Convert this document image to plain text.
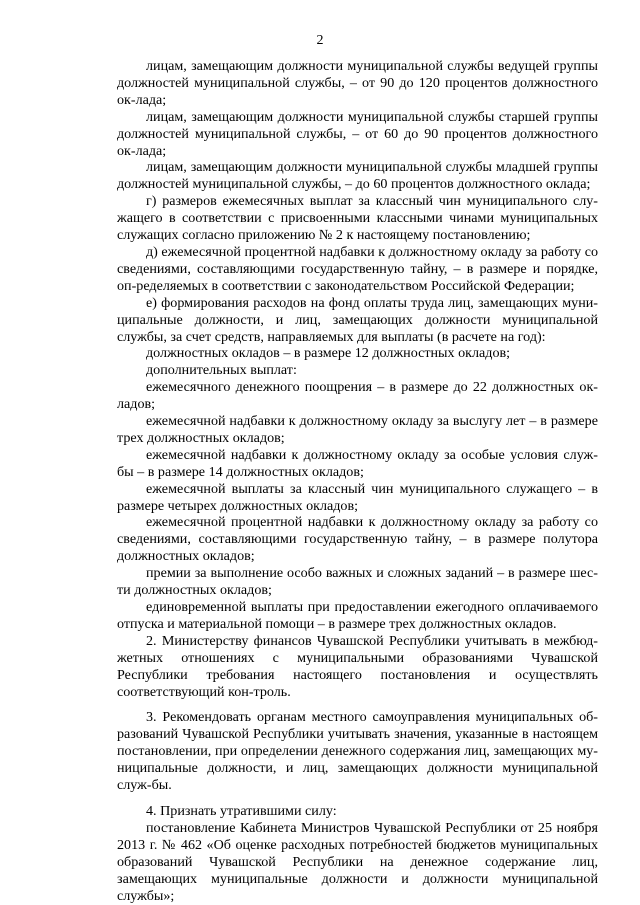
2

лицам, замещающим должности муниципальной службы ведущей группы должностей муниципальной службы, – от 90 до 120 процентов должностного ок-лада;

лицам, замещающим должности муниципальной службы старшей группы должностей муниципальной службы, – от 60 до 90 процентов должностного ок-лада;

лицам, замещающим должности муниципальной службы младшей группы должностей муниципальной службы, – до 60 процентов должностного оклада;

г) размеров ежемесячных выплат за классный чин муниципального слу-жащего в соответствии с присвоенными классными чинами муниципальных служащих согласно приложению № 2 к настоящему постановлению;

д) ежемесячной процентной надбавки к должностному окладу за работу со сведениями, составляющими государственную тайну, – в размере и порядке, оп-ределяемых в соответствии с законодательством Российской Федерации;

е) формирования расходов на фонд оплаты труда лиц, замещающих муни-ципальные должности, и лиц, замещающих должности муниципальной службы, за счет средств, направляемых для выплаты (в расчете на год):

должностных окладов – в размере 12 должностных окладов;

дополнительных выплат:

ежемесячного денежного поощрения – в размере до 22 должностных ок-ладов;

ежемесячной надбавки к должностному окладу за выслугу лет – в размере трех должностных окладов;

ежемесячной надбавки к должностному окладу за особые условия служ-бы – в размере 14 должностных окладов;

ежемесячной выплаты за классный чин муниципального служащего – в размере четырех должностных окладов;

ежемесячной процентной надбавки к должностному окладу за работу со сведениями, составляющими государственную тайну, – в размере полутора должностных окладов;

премии за выполнение особо важных и сложных заданий – в размере шес-ти должностных окладов;

единовременной выплаты при предоставлении ежегодного оплачиваемого отпуска и материальной помощи – в размере трех должностных окладов.

2. Министерству финансов Чувашской Республики учитывать в межбюд-жетных отношениях с муниципальными образованиями Чувашской Республики требования настоящего постановления и осуществлять соответствующий кон-троль.

3. Рекомендовать органам местного самоуправления муниципальных об-разований Чувашской Республики учитывать значения, указанные в настоящем постановлении, при определении денежного содержания лиц, замещающих му-ниципальные должности, и лиц, замещающих должности муниципальной служ-бы.

4. Признать утратившими силу:

постановление Кабинета Министров Чувашской Республики от 25 ноября 2013 г. № 462 «Об оценке расходных потребностей бюджетов муниципальных образований Чувашской Республики на денежное содержание лиц, замещающих муниципальные должности и должности муниципальной службы»;
